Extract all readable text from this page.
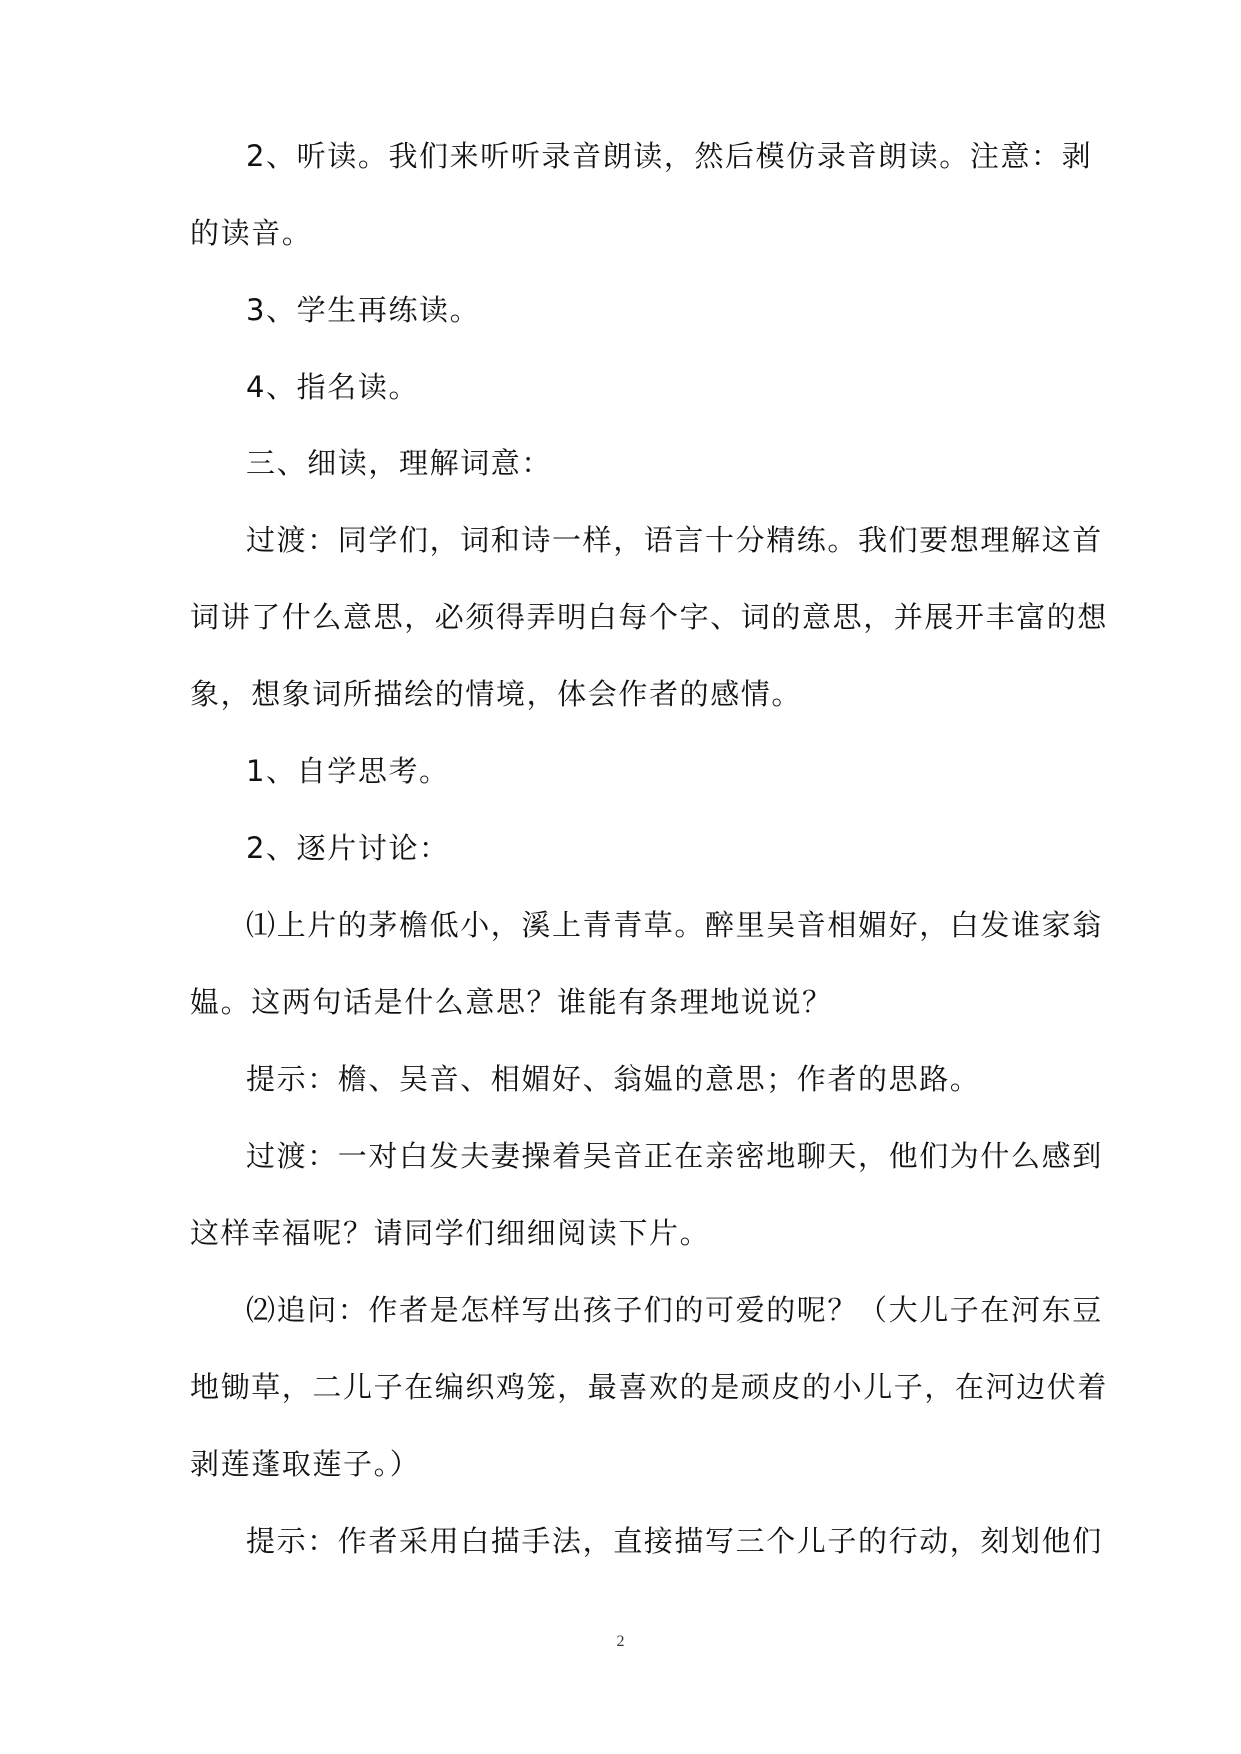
2、听读。我们来听听录音朗读，然后模仿录音朗读。注意：剥
的读音。
3、学生再练读。
4、指名读。
三、细读，理解词意：
过渡：同学们，词和诗一样，语言十分精练。我们要想理解这首
词讲了什么意思，必须得弄明白每个字、词的意思，并展开丰富的想
象，想象词所描绘的情境，体会作者的感情。
1、自学思考。
2、逐片讨论：
⑴上片的茅檐低小，溪上青青草。醉里吴音相媚好，白发谁家翁
媪。这两句话是什么意思？谁能有条理地说说？
提示：檐、吴音、相媚好、翁媪的意思；作者的思路。
过渡：一对白发夫妻操着吴音正在亲密地聊天，他们为什么感到
这样幸福呢？请同学们细细阅读下片。
⑵追问：作者是怎样写出孩子们的可爱的呢？（大儿子在河东豆
地锄草，二儿子在编织鸡笼，最喜欢的是顽皮的小儿子，在河边伏着
剥莲蓬取莲子。）
提示：作者采用白描手法，直接描写三个儿子的行动，刻划他们
2
